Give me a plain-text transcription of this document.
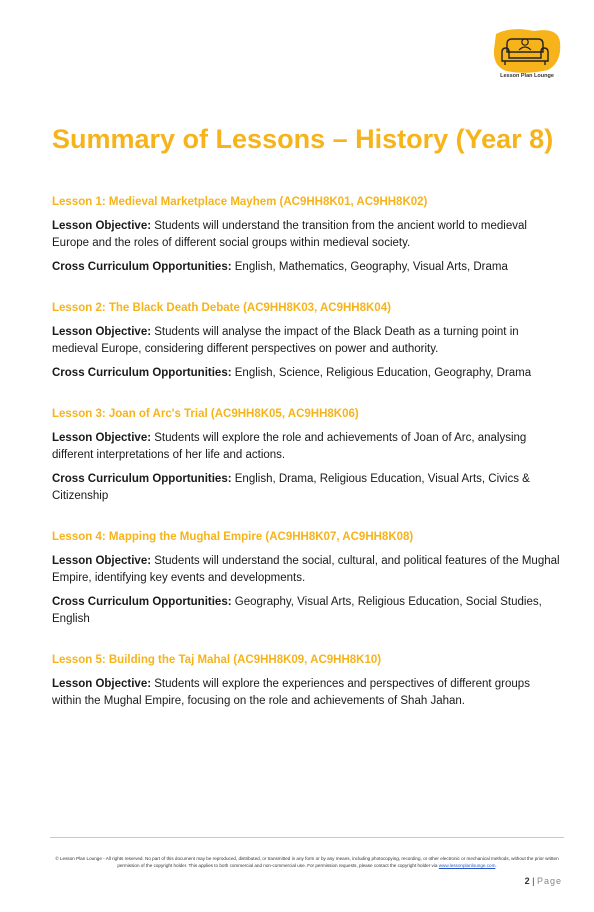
Lesson Plan Lounge
Summary of Lessons – History (Year 8)
Lesson 1: Medieval Marketplace Mayhem (AC9HH8K01, AC9HH8K02)

Lesson Objective: Students will understand the transition from the ancient world to medieval Europe and the roles of different social groups within medieval society.

Cross Curriculum Opportunities: English, Mathematics, Geography, Visual Arts, Drama

Lesson 2: The Black Death Debate (AC9HH8K03, AC9HH8K04)

Lesson Objective: Students will analyse the impact of the Black Death as a turning point in medieval Europe, considering different perspectives on power and authority.

Cross Curriculum Opportunities: English, Science, Religious Education, Geography, Drama

Lesson 3: Joan of Arc's Trial (AC9HH8K05, AC9HH8K06)

Lesson Objective: Students will explore the role and achievements of Joan of Arc, analysing different interpretations of her life and actions.

Cross Curriculum Opportunities: English, Drama, Religious Education, Visual Arts, Civics & Citizenship

Lesson 4: Mapping the Mughal Empire (AC9HH8K07, AC9HH8K08)

Lesson Objective: Students will understand the social, cultural, and political features of the Mughal Empire, identifying key events and developments.

Cross Curriculum Opportunities: Geography, Visual Arts, Religious Education, Social Studies, English

Lesson 5: Building the Taj Mahal (AC9HH8K09, AC9HH8K10)

Lesson Objective: Students will explore the experiences and perspectives of different groups within the Mughal Empire, focusing on the role and achievements of Shah Jahan.

© Lesson Plan Lounge - All rights reserved. No part of this document may be reproduced, distributed, or transmitted in any form or by any means, including photocopying, recording, or other electronic or mechanical methods, without the prior written permission of the copyright holder. This applies to both commercial and non-commercial use. For permission requests, please contact the copyright holder via www.lessonplanlounge.com.
2 | Page
